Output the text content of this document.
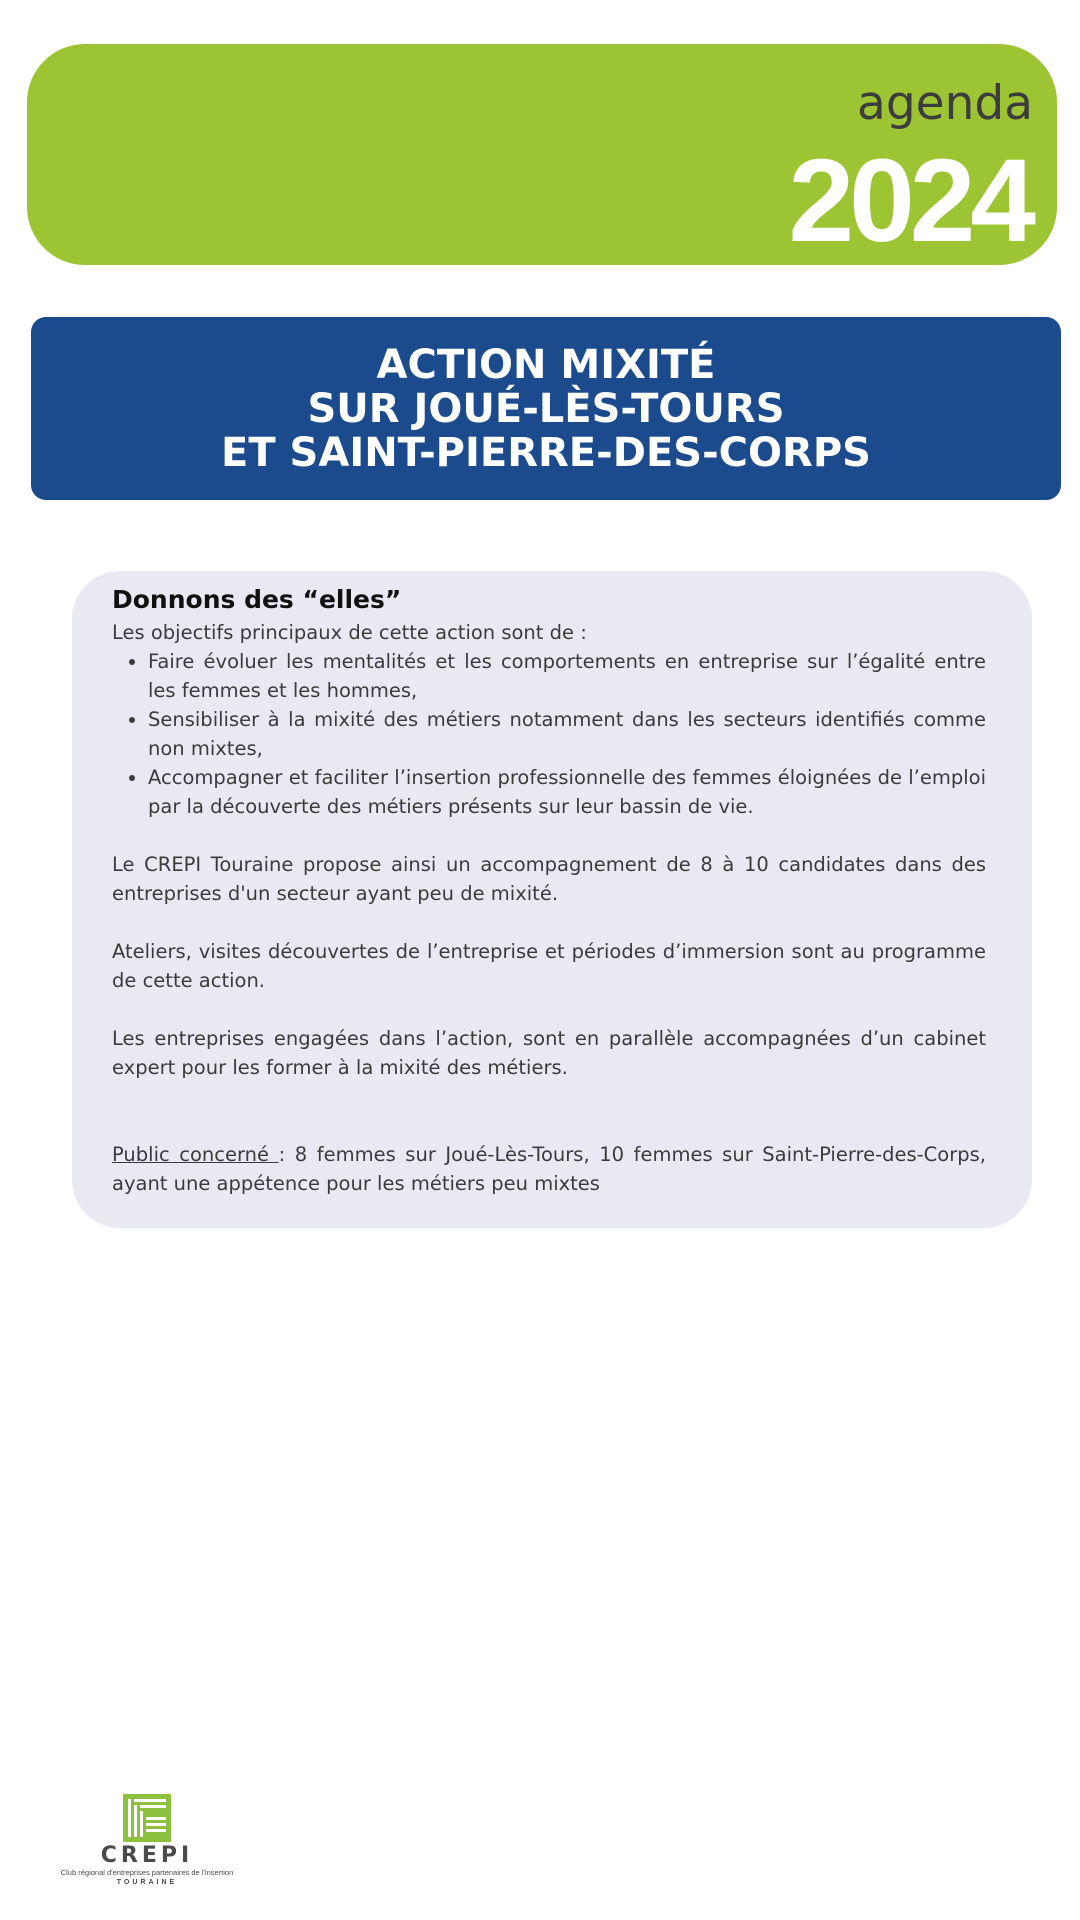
agenda
2024
ACTION MIXITÉ
SUR JOUÉ-LÈS-TOURS
ET SAINT-PIERRE-DES-CORPS
Donnons des “elles”

Les objectifs principaux de cette action sont de :

• Faire évoluer les mentalités et les comportements en entreprise sur l’égalité entre les femmes et les hommes,
• Sensibiliser à la mixité des métiers notamment dans les secteurs identifiés comme non mixtes,
• Accompagner et faciliter l’insertion professionnelle des femmes éloignées de l’emploi par la découverte des métiers présents sur leur bassin de vie.

Le CREPI Touraine propose ainsi un accompagnement de 8 à 10 candidates dans des entreprises d'un secteur ayant peu de mixité.

Ateliers, visites découvertes de l’entreprise et périodes d’immersion sont au programme de cette action.

Les entreprises engagées dans l’action, sont en parallèle accompagnées d’un cabinet expert pour les former à la mixité des métiers.

Public concerné : 8 femmes sur Joué-Lès-Tours, 10 femmes sur Saint-Pierre-des-Corps, ayant une appétence pour les métiers peu mixtes

CREPI
Club régional d'entreprises partenaires de l'insertion
TOURAINE
